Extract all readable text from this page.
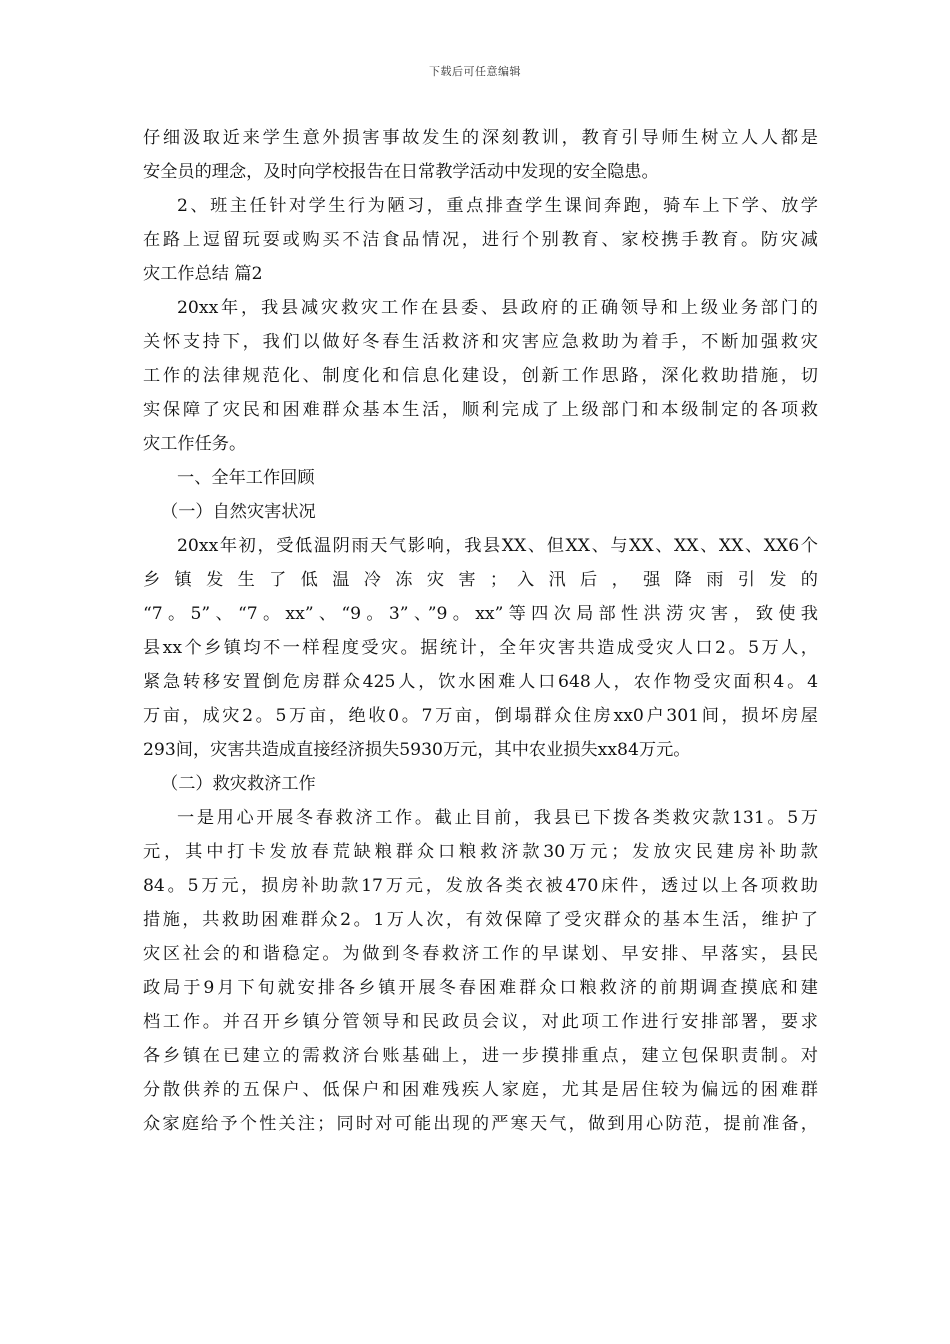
下载后可任意编辑
仔细汲取近来学生意外损害事故发生的深刻教训，教育引导师生树立人人都是
安全员的理念，及时向学校报告在日常教学活动中发现的安全隐患。
2、班主任针对学生行为陋习，重点排查学生课间奔跑，骑车上下学、放学
在路上逗留玩耍或购买不洁食品情况，进行个别教育、家校携手教育。防灾减
灾工作总结 篇2
20xx年，我县减灾救灾工作在县委、县政府的正确领导和上级业务部门的
关怀支持下，我们以做好冬春生活救济和灾害应急救助为着手，不断加强救灾
工作的法律规范化、制度化和信息化建设，创新工作思路，深化救助措施，切
实保障了灾民和困难群众基本生活，顺利完成了上级部门和本级制定的各项救
灾工作任务。
一、全年工作回顾
（一）自然灾害状况
20xx年初，受低温阴雨天气影响，我县XX、但XX、与XX、XX、XX、XX6个
乡 镇 发 生 了 低 温 冷 冻 灾 害 ； 入 汛 后 ， 强 降 雨 引 发 的
“7。5”、“7。xx”、“9。3”、”9。xx”等四次局部性洪涝灾害，致使我
县xx个乡镇均不一样程度受灾。据统计，全年灾害共造成受灾人口2。5万人，
紧急转移安置倒危房群众425人，饮水困难人口648人，农作物受灾面积4。4
万亩，成灾2。5万亩，绝收0。7万亩，倒塌群众住房xx0户301间，损坏房屋
293间，灾害共造成直接经济损失5930万元，其中农业损失xx84万元。
（二）救灾救济工作
一是用心开展冬春救济工作。截止目前，我县已下拨各类救灾款131。5万
元，其中打卡发放春荒缺粮群众口粮救济款30万元；发放灾民建房补助款
84。5万元，损房补助款17万元，发放各类衣被470床件，透过以上各项救助
措施，共救助困难群众2。1万人次，有效保障了受灾群众的基本生活，维护了
灾区社会的和谐稳定。为做到冬春救济工作的早谋划、早安排、早落实，县民
政局于9月下旬就安排各乡镇开展冬春困难群众口粮救济的前期调查摸底和建
档工作。并召开乡镇分管领导和民政员会议，对此项工作进行安排部署，要求
各乡镇在已建立的需救济台账基础上，进一步摸排重点，建立包保职责制。对
分散供养的五保户、低保户和困难残疾人家庭，尤其是居住较为偏远的困难群
众家庭给予个性关注；同时对可能出现的严寒天气，做到用心防范，提前准备，
